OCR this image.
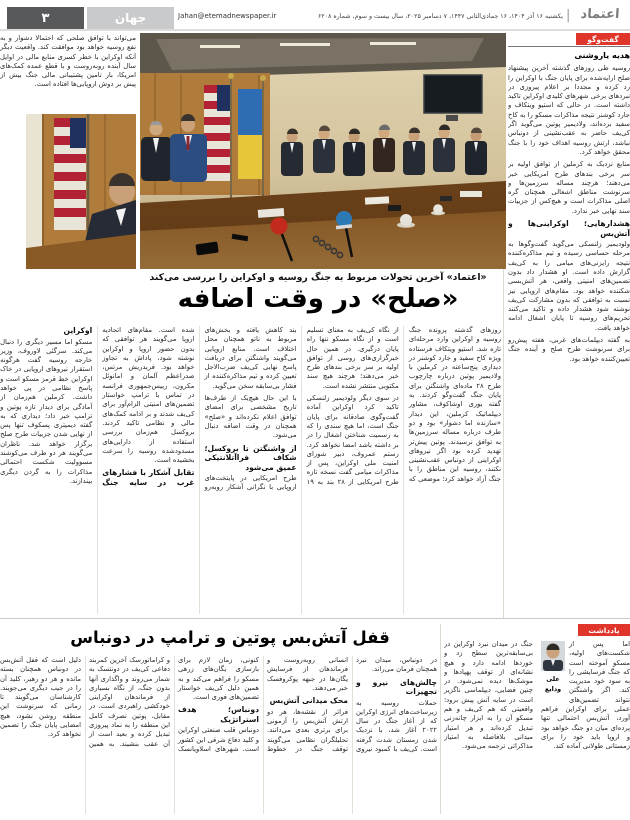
۳	جهان	Jahan@etemadnewspaper.ir	یکشنبه ۱۶ آذر ۱۴۰۴، ۱۶ جمادی‌الثانی ۱۴۴۷، ۷ دسامبر ۲۰۲۵، سال بیست و سوم، شماره ۶۲۰۸ | اعتماد
گفت‌وگو
هدیه یاروشنی

روسیه طی روزهای گذشته آخرین پیشنهاد صلح ارایه‌شده برای پایان جنگ با اوکراین را رد کرده و مجددا بر اعلام پیروزی در نبردهای برخی شهرهای کلیدی اوکراین تاکید داشته است. در حالی که استیو ویتکاف و جارد کوشنر نتیجه مذاکرات مسکو را به کاخ سفید برده‌اند، ولادیمیر پوتین می‌گوید اگر کی‌یف حاضر به عقب‌نشینی از دونباس نباشد، ارتش روسیه اهداف خود را با جنگ محقق خواهد کرد.

منابع نزدیک به کرملین از توافق اولیه بر سر برخی بندهای طرح امریکایی خبر می‌دهند؛ هرچند مساله سرزمین‌ها و سرنوشت مناطق اشغالی همچنان گره اصلی مذاکرات است و هیچ‌کس از جزییات سند نهایی خبر ندارد.

هشدارهایی؛ اوکراینی‌ها و آتش‌بس

ولودیمیر زلنسکی می‌گوید گفت‌وگوها به مرحله حساسی رسیده و تیم مذاکره‌کننده نتیجه رایزنی‌های میامی را به کی‌یف گزارش داده است. او هشدار داد بدون تضمین‌های امنیتی واقعی، هر آتش‌بسی شکننده خواهد بود. مقام‌های اروپایی نیز نسبت به توافقی که بدون مشارکت کی‌یف نوشته شود هشدار داده و تاکید می‌کنند تحریم‌های روسیه تا پایان اشغال ادامه خواهد یافت.

به گفته دیپلمات‌های غربی، هفته پیش‌رو برای سرنوشت طرح صلح و آینده جنگ تعیین‌کننده خواهد بود.

می‌تواند با توافق صلحی که احتمالا دشوار و به نفع روسیه خواهد بود موافقت کند. واقعیت دیگر آنکه اوکراین با خطر کسری منابع مالی در اوایل سال آینده روبه‌روست و با قطع عمده کمک‌های امریکا، بار تامین پشتیبانی مالی جنگ بیش از پیش بر دوش اروپایی‌ها افتاده است.

«اعتماد» آخرین تحولات مربوط به جنگ روسیه و اوکراین را بررسی می‌کند
«صلح» در وقت اضافه

روزهای گذشته پرونده جنگ روسیه و اوکراین وارد مرحله‌ای تازه شد. استیو ویتکاف فرستاده ویژه کاخ سفید و جارد کوشنر در دیداری پنج‌ساعته در کرملین با ولادیمیر پوتین درباره چارچوب طرح ۲۸ ماده‌ای واشنگتن برای پایان جنگ گفت‌وگو کردند. به گفته یوری اوشاکوف، مشاور دیپلماتیک کرملین، این دیدار «سازنده اما دشوار» بود و دو طرف درباره مساله سرزمین‌ها به توافق نرسیدند. پوتین پیش‌تر تهدید کرده بود اگر نیروهای اوکراینی از دونباس عقب‌نشینی نکنند، روسیه این مناطق را با جنگ آزاد خواهد کرد؛ موضعی که از نگاه کی‌یف به معنای تسلیم است و از نگاه مسکو تنها راه پایان درگیری. در همین حال خبرگزاری‌های روسی از توافق اولیه بر سر برخی بندهای طرح خبر می‌دهند؛ هرچند هیچ سند مکتوبی منتشر نشده است.

در سوی دیگر ولودیمیر زلنسکی تاکید کرد اوکراین آماده گفت‌وگوی صادقانه برای پایان جنگ است، اما هیچ سندی را که به رسمیت شناختن اشغال را در بر داشته باشد امضا نخواهد کرد. رستم عمروف، دبیر شورای امنیت ملی اوکراین، پس از مذاکرات میامی گفت نسخه تازه طرح امریکایی از ۲۸ بند به ۱۹ بند کاهش یافته و بخش‌های مربوط به ناتو همچنان محل اختلاف است. منابع اروپایی می‌گویند واشنگتن برای دریافت پاسخ نهایی کی‌یف ضرب‌الاجل تعیین کرده و تیم مذاکره‌کننده از فشار بی‌سابقه سخن می‌گوید.

با این حال هیچ‌یک از طرف‌ها تاریخ مشخصی برای امضای توافق اعلام نکرده‌اند و «صلح» همچنان در وقت اضافه دنبال می‌شود.

از واشنگتن تا بروکسل؛ شکاف فراآتلانتیکی عمیق می‌شود

طرح امریکایی در پایتخت‌های اروپایی با نگرانی آشکار روبه‌رو شده است. مقام‌های اتحادیه اروپا می‌گویند هر توافقی که بدون حضور اروپا و اوکراین نوشته شود، پاداش به تجاوز خواهد بود. فریدریش مرتس، صدراعظم آلمان و امانوئل مکرون، رییس‌جمهوری فرانسه در تماس با ترامپ خواستار تضمین‌های امنیتی الزام‌آور برای کی‌یف شدند و بر ادامه کمک‌های مالی و نظامی تاکید کردند. بروکسل هم‌زمان بررسی استفاده از دارایی‌های مسدودشده روسیه را سرعت بخشیده است.

تقابل آشکار با فشارهای غرب در سایه جنگ اوکراین

مسکو اما مسیر دیگری را دنبال می‌کند. سرگئی لاوروف، وزیر خارجه روسیه گفت هرگونه استقرار نیروهای اروپایی در خاک اوکراین خط قرمز مسکو است و پاسخ نظامی در پی خواهد داشت. کرملین هم‌زمان از آمادگی برای دیدار تازه پوتین و ترامپ خبر داد؛ دیداری که به گفته دیمیتری پسکوف تنها پس از نهایی شدن جزییات طرح صلح برگزار خواهد شد. ناظران می‌گویند هر دو طرف می‌کوشند مسوولیت شکست احتمالی مذاکرات را به گردن دیگری بیندازند.

قفل آتش‌بس پوتین و ترامپ در دونباس

در دونباس، میدان نبرد همچنان فرمان می‌راند.

چالش‌های نیرو و تجهیزات

حملات روسیه به زیرساخت‌های انرژی اوکراین که از آغاز جنگ در سال ۲۰۲۲ آغاز شد، با نزدیک شدن زمستان شدت گرفته است. کی‌یف با کمبود نیروی انسانی روبه‌روست و فرماندهان از فرسایش یگان‌ها در جبهه پوکروفسک خبر می‌دهند.

محک میدانی آتش‌بس

فراتر از نقشه‌ها، هر دو ارتش آتش‌بس را آزمونی برای برتری بعدی می‌دانند. تحلیلگران نظامی می‌گویند توقف جنگ در خطوط کنونی، زمان لازم برای بازسازی یگان‌های زرهی مسکو را فراهم می‌کند و به همین دلیل کی‌یف خواستار تضمین‌های فوری است.

دونباس؛ هدف استراتژیک

دونباس قلب صنعتی اوکراین و کلید دفاع شرقی این کشور است. شهرهای اسلاویانسک و کراماتورسک آخرین کمربند دفاعی کی‌یف در دونتسک به شمار می‌روند و واگذاری آنها بدون جنگ، از نگاه بسیاری از فرماندهان اوکراینی خودکشی راهبردی است. در مقابل، پوتین تصرف کامل این منطقه را به نماد پیروزی تبدیل کرده و بعید است از آن عقب بنشیند. به همین دلیل است که قفل آتش‌بس در دونباس همچنان بسته مانده و هر دو رهبر، کلید آن را در جیب دیگری می‌جویند. کارشناسان می‌گویند تا زمانی که سرنوشت این منطقه روشن نشود، هیچ امضایی پایان جنگ را تضمین نخواهد کرد.

یادداشت

جنگ در میدان نبرد اوکراین در بی‌سابقه‌ترین سطح زد و خوردها ادامه دارد و هیچ نشانه‌ای از توقف پهپادها و موشک‌ها دیده نمی‌شود. در چنین فضایی، دیپلماسی ناگزیر است در سایه آتش پیش برود؛ واقعیتی که هم کی‌یف و هم مسکو آن را به ابزار چانه‌زنی تبدیل کرده‌اند و هر امتیاز میدانی بلافاصله به امتیاز مذاکراتی ترجمه می‌شود.

علی ودایع

اما پس از شکست‌های اولیه، مسکو آموخته است که جنگ فرسایشی را به سود خود مدیریت کند. اگر واشنگتن نتواند تضمین‌های عملی برای اوکراین فراهم آورد، آتش‌بس احتمالی تنها پرده‌ای میان دو جنگ خواهد بود و اروپا باید خود را برای زمستانی طولانی آماده کند.
